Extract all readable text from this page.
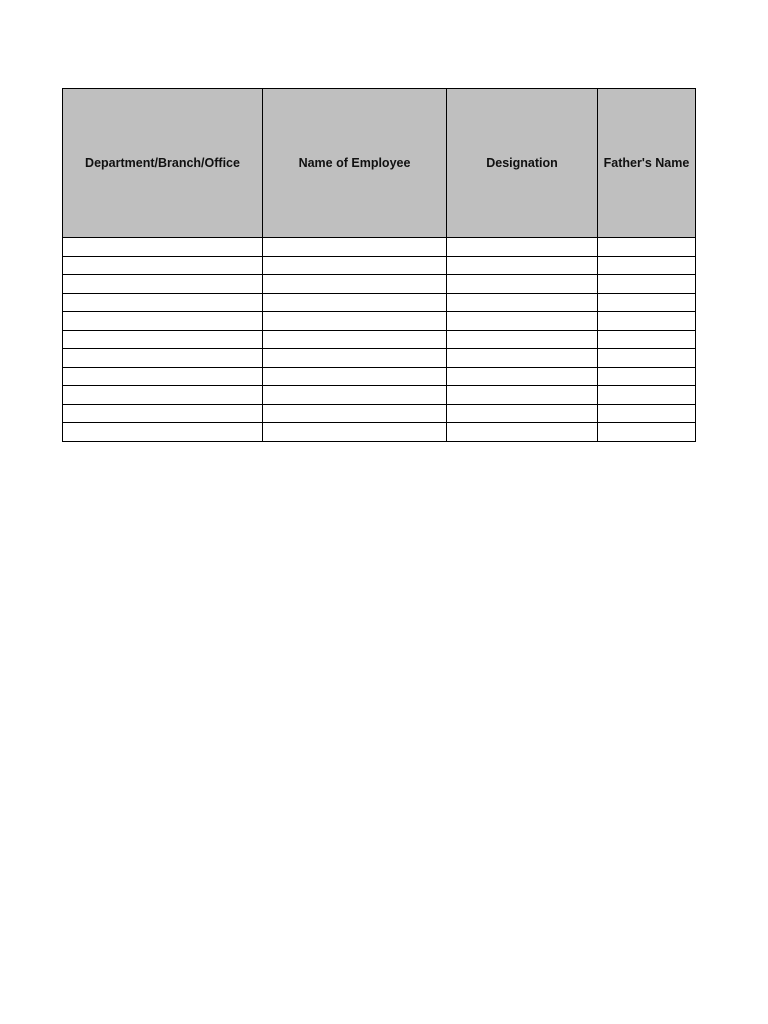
Department/Branch/Office	Name of Employee	Designation	Father's Name
